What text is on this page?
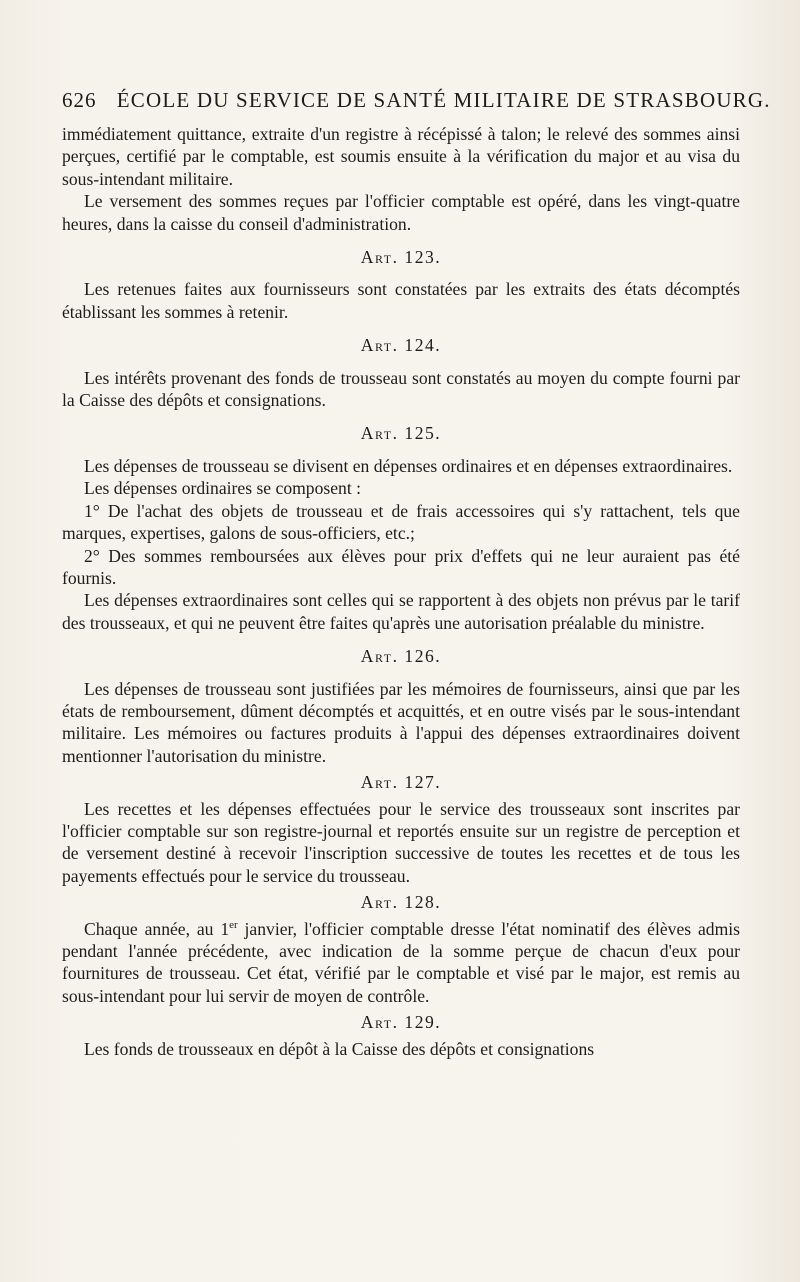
626 ÉCOLE DU SERVICE DE SANTÉ MILITAIRE DE STRASBOURG.

immédiatement quittance, extraite d'un registre à récépissé à talon; le relevé des sommes ainsi perçues, certifié par le comptable, est soumis ensuite à la vérification du major et au visa du sous-intendant militaire.

Le versement des sommes reçues par l'officier comptable est opéré, dans les vingt-quatre heures, dans la caisse du conseil d'administration.

Art. 123.

Les retenues faites aux fournisseurs sont constatées par les extraits des états décomptés établissant les sommes à retenir.

Art. 124.

Les intérêts provenant des fonds de trousseau sont constatés au moyen du compte fourni par la Caisse des dépôts et consignations.

Art. 125.

Les dépenses de trousseau se divisent en dépenses ordinaires et en dépenses extraordinaires.

Les dépenses ordinaires se composent :

1° De l'achat des objets de trousseau et de frais accessoires qui s'y rattachent, tels que marques, expertises, galons de sous-officiers, etc.;

2° Des sommes remboursées aux élèves pour prix d'effets qui ne leur auraient pas été fournis.

Les dépenses extraordinaires sont celles qui se rapportent à des objets non prévus par le tarif des trousseaux, et qui ne peuvent être faites qu'après une autorisation préalable du ministre.

Art. 126.

Les dépenses de trousseau sont justifiées par les mémoires de fournisseurs, ainsi que par les états de remboursement, dûment décomptés et acquittés, et en outre visés par le sous-intendant militaire. Les mémoires ou factures produits à l'appui des dépenses extraordinaires doivent mentionner l'autorisation du ministre.

Art. 127.

Les recettes et les dépenses effectuées pour le service des trousseaux sont inscrites par l'officier comptable sur son registre-journal et reportés ensuite sur un registre de perception et de versement destiné à recevoir l'inscription successive de toutes les recettes et de tous les payements effectués pour le service du trousseau.

Art. 128.

Chaque année, au 1er janvier, l'officier comptable dresse l'état nominatif des élèves admis pendant l'année précédente, avec indication de la somme perçue de chacun d'eux pour fournitures de trousseau. Cet état, vérifié par le comptable et visé par le major, est remis au sous-intendant pour lui servir de moyen de contrôle.

Art. 129.

Les fonds de trousseaux en dépôt à la Caisse des dépôts et consignations
